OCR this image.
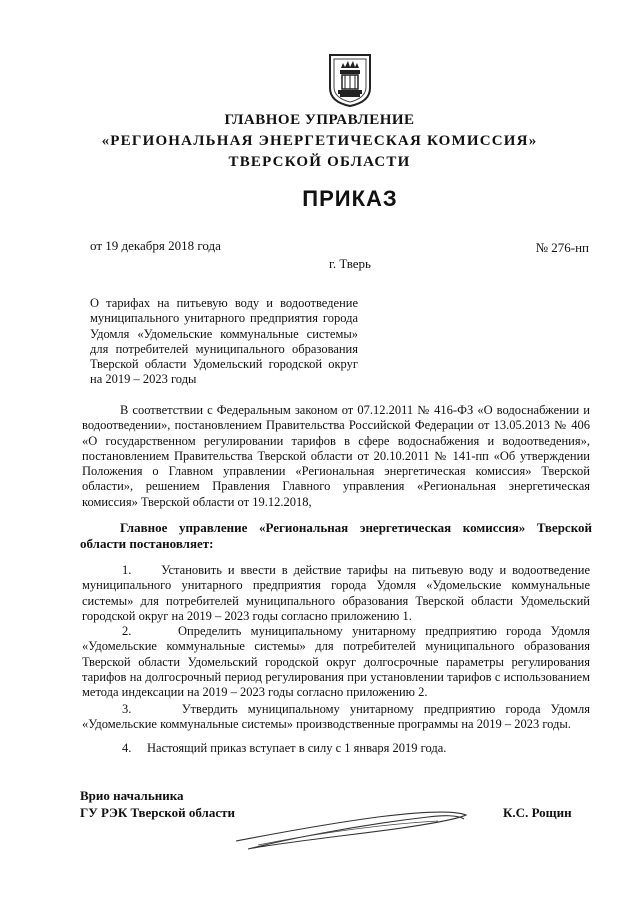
ГЛАВНОЕ УПРАВЛЕНИЕ
«РЕГИОНАЛЬНАЯ ЭНЕРГЕТИЧЕСКАЯ КОМИССИЯ»
ТВЕРСКОЙ ОБЛАСТИ
ПРИКАЗ
от 19 декабря 2018 года	№ 276-нп
г. Тверь
О тарифах на питьевую воду и водоотведение муниципального унитарного предприятия города Удомля «Удомельские коммунальные системы» для потребителей муниципального образования Тверской области Удомельский городской округ на 2019 – 2023 годы
В соответствии с Федеральным законом от 07.12.2011 № 416-ФЗ «О водоснабжении и водоотведении», постановлением Правительства Российской Федерации от 13.05.2013 № 406 «О государственном регулировании тарифов в сфере водоснабжения и водоотведения», постановлением Правительства Тверской области от 20.10.2011 № 141-пп «Об утверждении Положения о Главном управлении «Региональная энергетическая комиссия» Тверской области», решением Правления Главного управления «Региональная энергетическая комиссия» Тверской области от 19.12.2018,
Главное управление «Региональная энергетическая комиссия» Тверской области постановляет:
1.     Установить и ввести в действие тарифы на питьевую воду и водоотведение муниципального унитарного предприятия города Удомля «Удомельские коммунальные системы» для потребителей муниципального образования Тверской области Удомельский городской округ на 2019 – 2023 годы согласно приложению 1.
2.     Определить муниципальному унитарному предприятию города Удомля «Удомельские коммунальные системы» для потребителей муниципального образования Тверской области Удомельский городской округ долгосрочные параметры регулирования тарифов на долгосрочный период регулирования при установлении тарифов с использованием метода индексации на 2019 – 2023 годы согласно приложению 2.
3.     Утвердить муниципальному унитарному предприятию города Удомля «Удомельские коммунальные системы» производственные программы на 2019 – 2023 годы.
4.     Настоящий приказ вступает в силу с 1 января 2019 года.
Врио начальника
ГУ РЭК Тверской области	К.С. Рощин
